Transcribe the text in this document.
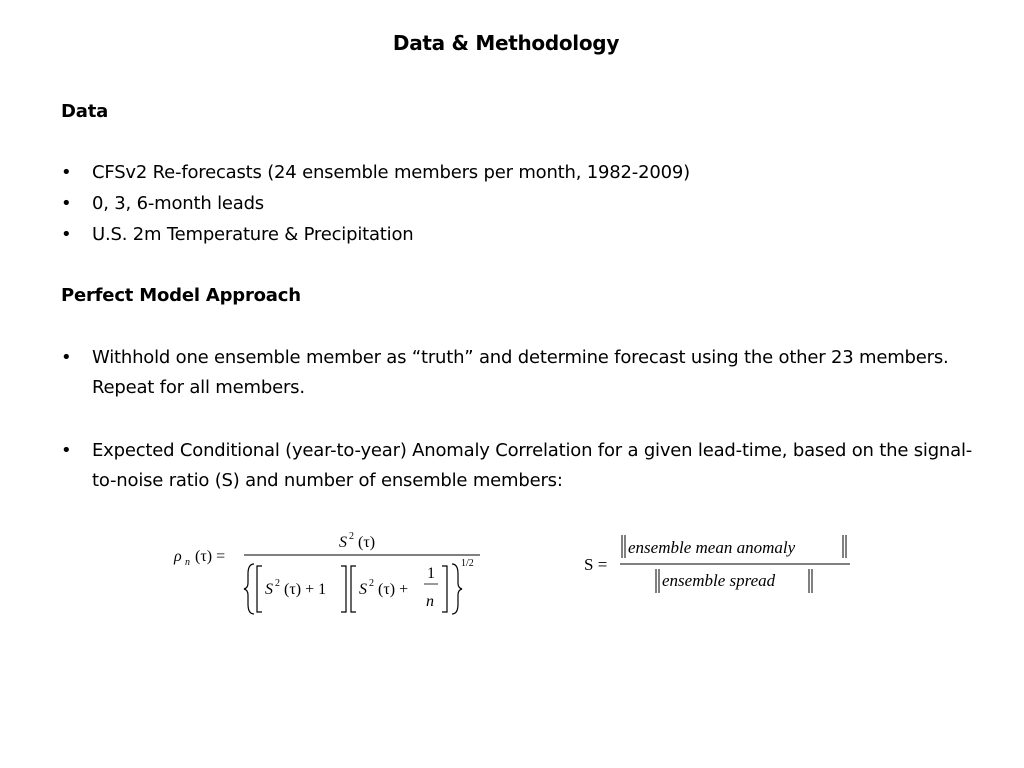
Data & Methodology
Data
•	CFSv2 Re-forecasts (24 ensemble members per month, 1982-2009)
•	0, 3, 6-month leads
•	U.S. 2m Temperature & Precipitation
Perfect Model Approach
•	Withhold one ensemble member as “truth” and determine forecast using the other 23 members. Repeat for all members.
•	Expected Conditional (year-to-year) Anomaly Correlation for a given lead-time, based on the signal-to-noise ratio (S) and number of ensemble members:
ρ n (τ) =
S 2 (τ)
S 2 (τ) + 1 S 2 (τ) +
1
n
1/2	S =
ensemble mean anomaly
ensemble spread
